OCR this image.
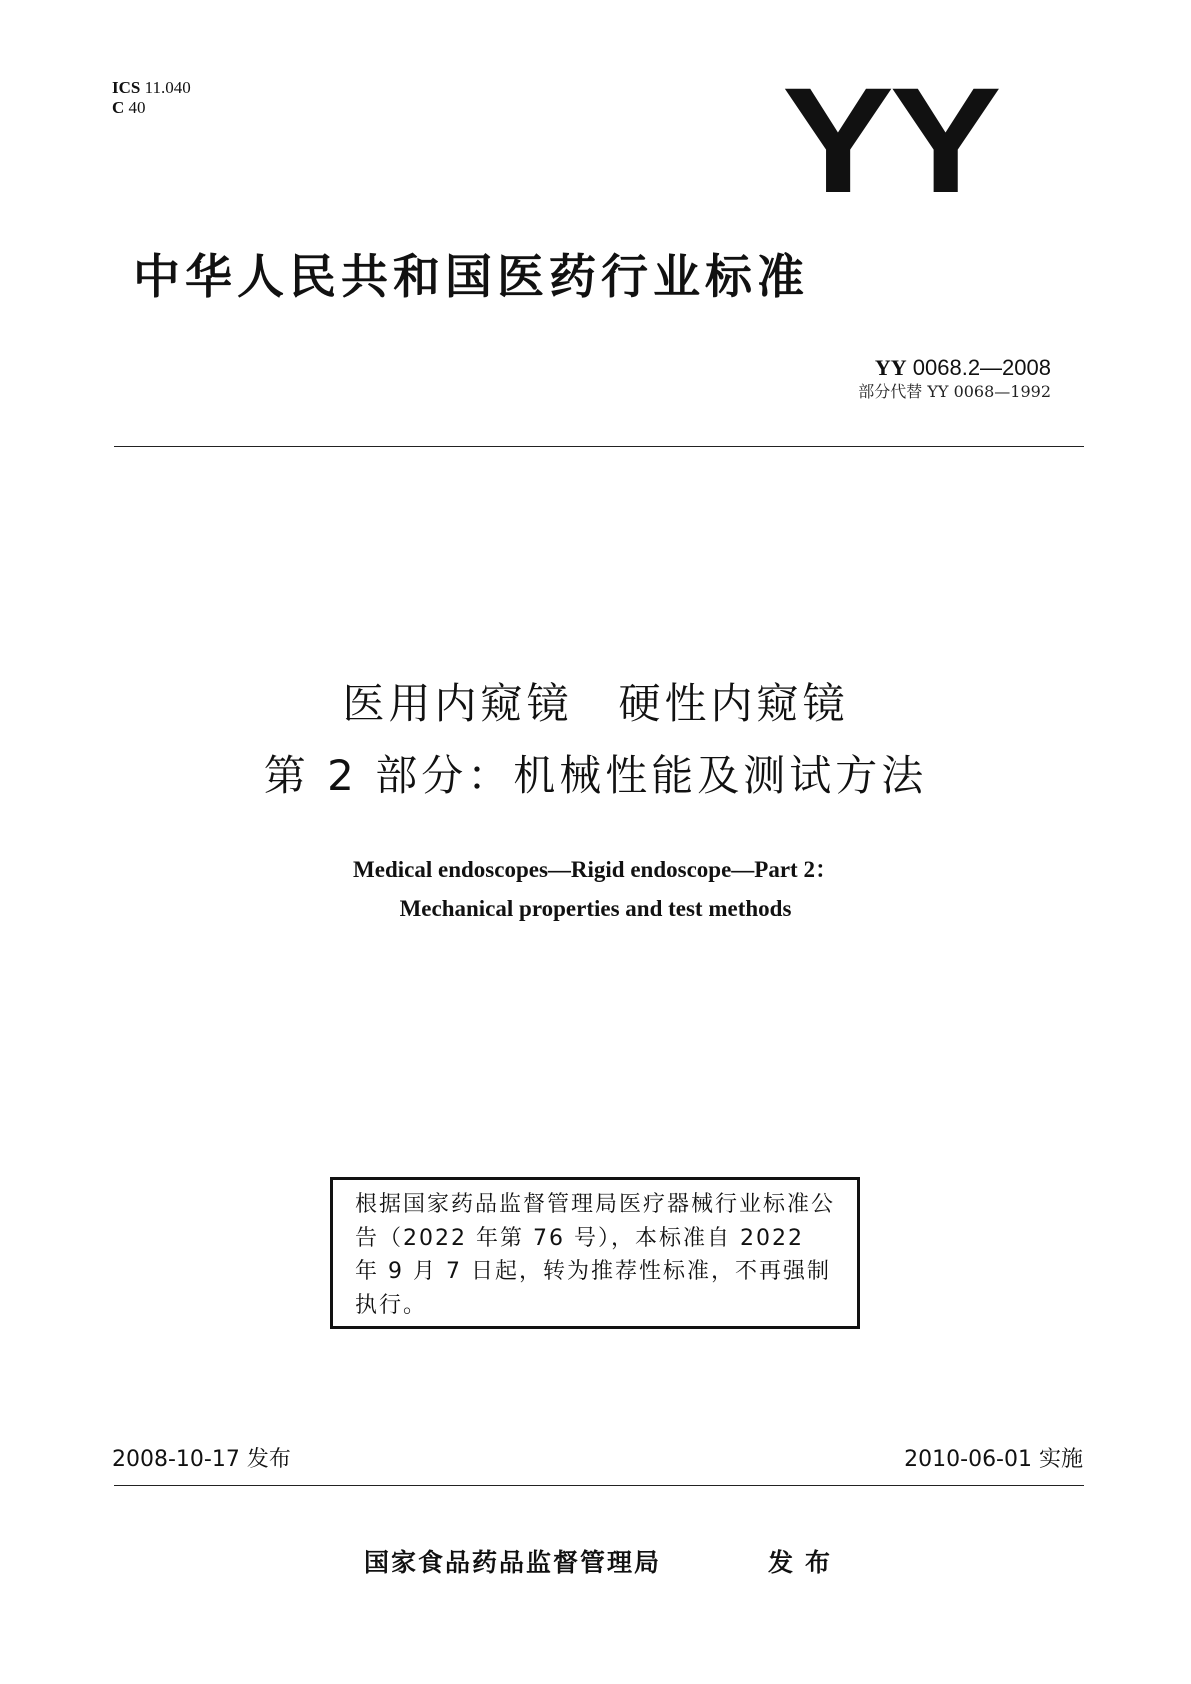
ICS 11.040
C 40	YY
中华人民共和国医药行业标准
YY 0068.2—2008
部分代替 YY 0068—1992
医用内窥镜　硬性内窥镜
第 2 部分：机械性能及测试方法
Medical endoscopes—Rigid endoscope—Part 2：
Mechanical properties and test methods
根据国家药品监督管理局医疗器械行业标准公告（2022 年第 76 号），本标准自 2022 年 9 月 7 日起，转为推荐性标准，不再强制执行。
2008-10-17 发布	2010-06-01 实施
国家食品药品监督管理局	发布
